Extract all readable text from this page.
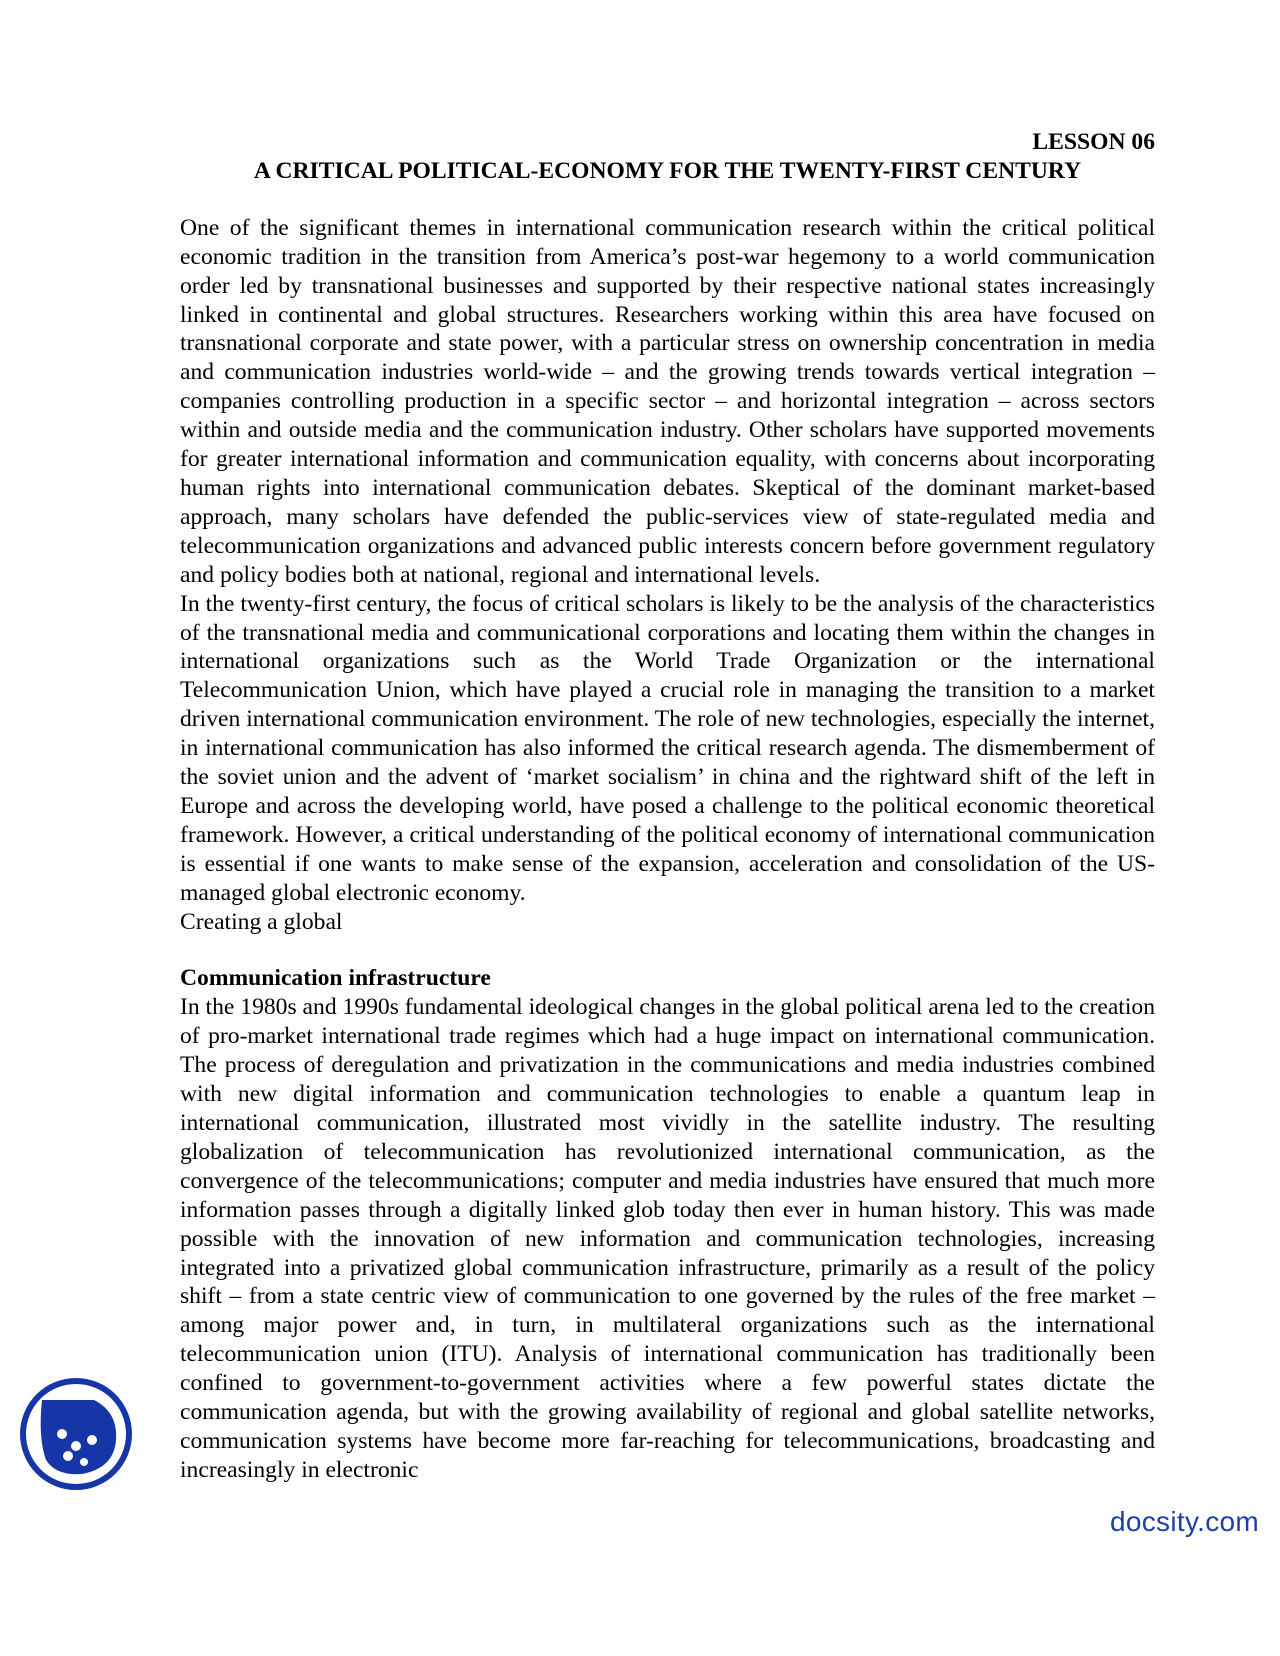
LESSON 06

A CRITICAL POLITICAL-ECONOMY FOR THE TWENTY-FIRST CENTURY

One of the significant themes in international communication research within the critical political economic tradition in the transition from America’s post-war hegemony to a world communication order led by transnational businesses and supported by their respective national states increasingly linked in continental and global structures. Researchers working within this area have focused on transnational corporate and state power, with a particular stress on ownership concentration in media and communication industries world-wide – and the growing trends towards vertical integration – companies controlling production in a specific sector – and horizontal integration – across sectors within and outside media and the communication industry. Other scholars have supported movements for greater international information and communication equality, with concerns about incorporating human rights into international communication debates. Skeptical of the dominant market-based approach, many scholars have defended the public-services view of state-regulated media and telecommunication organizations and advanced public interests concern before government regulatory and policy bodies both at national, regional and international levels.

In the twenty-first century, the focus of critical scholars is likely to be the analysis of the characteristics of the transnational media and communicational corporations and locating them within the changes in international organizations such as the World Trade Organization or the international Telecommunication Union, which have played a crucial role in managing the transition to a market driven international communication environment. The role of new technologies, especially the internet, in international communication has also informed the critical research agenda. The dismemberment of the soviet union and the advent of ‘market socialism’ in china and the rightward shift of the left in Europe and across the developing world, have posed a challenge to the political economic theoretical framework. However, a critical understanding of the political economy of international communication is essential if one wants to make sense of the expansion, acceleration and consolidation of the US-managed global electronic economy.

Creating a global

Communication infrastructure

In the 1980s and 1990s fundamental ideological changes in the global political arena led to the creation of pro-market international trade regimes which had a huge impact on international communication. The process of deregulation and privatization in the communications and media industries combined with new digital information and communication technologies to enable a quantum leap in international communication, illustrated most vividly in the satellite industry. The resulting globalization of telecommunication has revolutionized international communication, as the convergence of the telecommunications; computer and media industries have ensured that much more information passes through a digitally linked glob today then ever in human history. This was made possible with the innovation of new information and communication technologies, increasing integrated into a privatized global communication infrastructure, primarily as a result of the policy shift – from a state centric view of communication to one governed by the rules of the free market – among major power and, in turn, in multilateral organizations such as the international telecommunication union (ITU). Analysis of international communication has traditionally been confined to government-to-government activities where a few powerful states dictate the communication agenda, but with the growing availability of regional and global satellite networks, communication systems have become more far-reaching for telecommunications, broadcasting and increasingly in electronic

docsity.com
